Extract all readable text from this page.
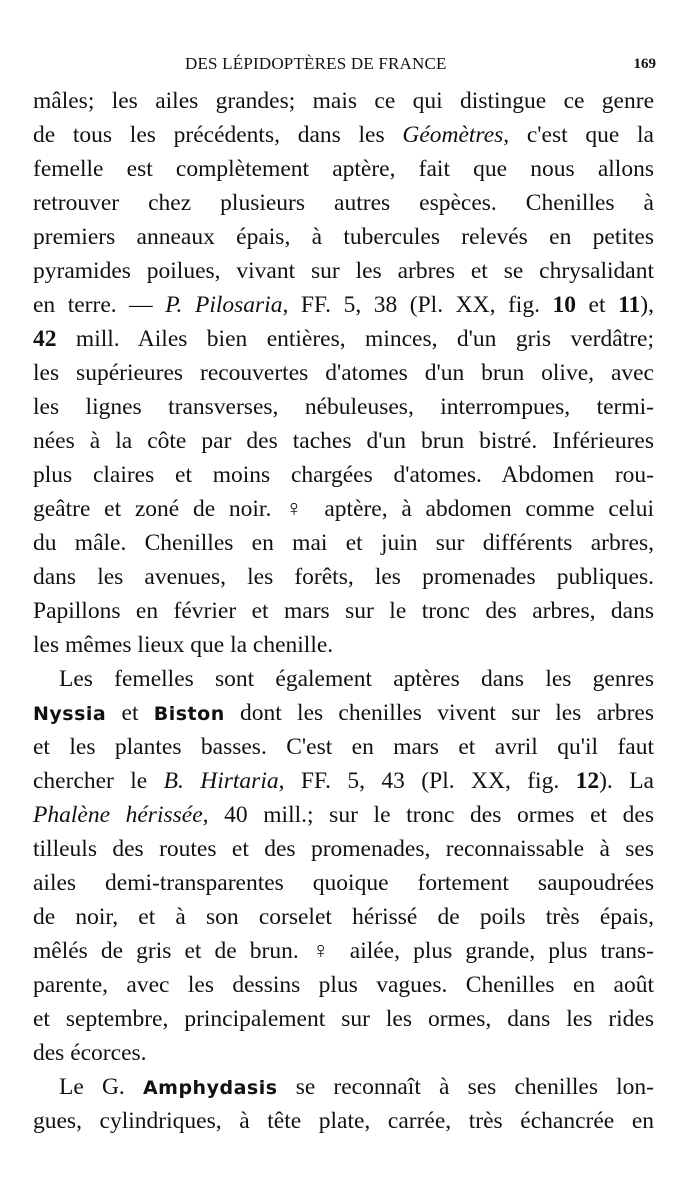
DES LÉPIDOPTÈRES DE FRANCE	169
mâles; les ailes grandes; mais ce qui distingue ce genre
de tous les précédents, dans les Géomètres, c'est que la
femelle est complètement aptère, fait que nous allons
retrouver chez plusieurs autres espèces. Chenilles à
premiers anneaux épais, à tubercules relevés en petites
pyramides poilues, vivant sur les arbres et se chrysalidant
en terre. — P. Pilosaria, FF. 5, 38 (Pl. XX, fig. 10 et 11),
42 mill. Ailes bien entières, minces, d'un gris verdâtre;
les supérieures recouvertes d'atomes d'un brun olive, avec
les lignes transverses, nébuleuses, interrompues, termi-
nées à la côte par des taches d'un brun bistré. Inférieures
plus claires et moins chargées d'atomes. Abdomen rou-
geâtre et zoné de noir. ♀ aptère, à abdomen comme celui
du mâle. Chenilles en mai et juin sur différents arbres,
dans les avenues, les forêts, les promenades publiques.
Papillons en février et mars sur le tronc des arbres, dans
les mêmes lieux que la chenille.
Les femelles sont également aptères dans les genres
Nyssia et Biston dont les chenilles vivent sur les arbres
et les plantes basses. C'est en mars et avril qu'il faut
chercher le B. Hirtaria, FF. 5, 43 (Pl. XX, fig. 12). La
Phalène hérissée, 40 mill.; sur le tronc des ormes et des
tilleuls des routes et des promenades, reconnaissable à ses
ailes demi-transparentes quoique fortement saupoudrées
de noir, et à son corselet hérissé de poils très épais,
mêlés de gris et de brun. ♀ ailée, plus grande, plus trans-
parente, avec les dessins plus vagues. Chenilles en août
et septembre, principalement sur les ormes, dans les rides
des écorces.
Le G. Amphydasis se reconnaît à ses chenilles lon-
gues, cylindriques, à tête plate, carrée, très échancrée en
